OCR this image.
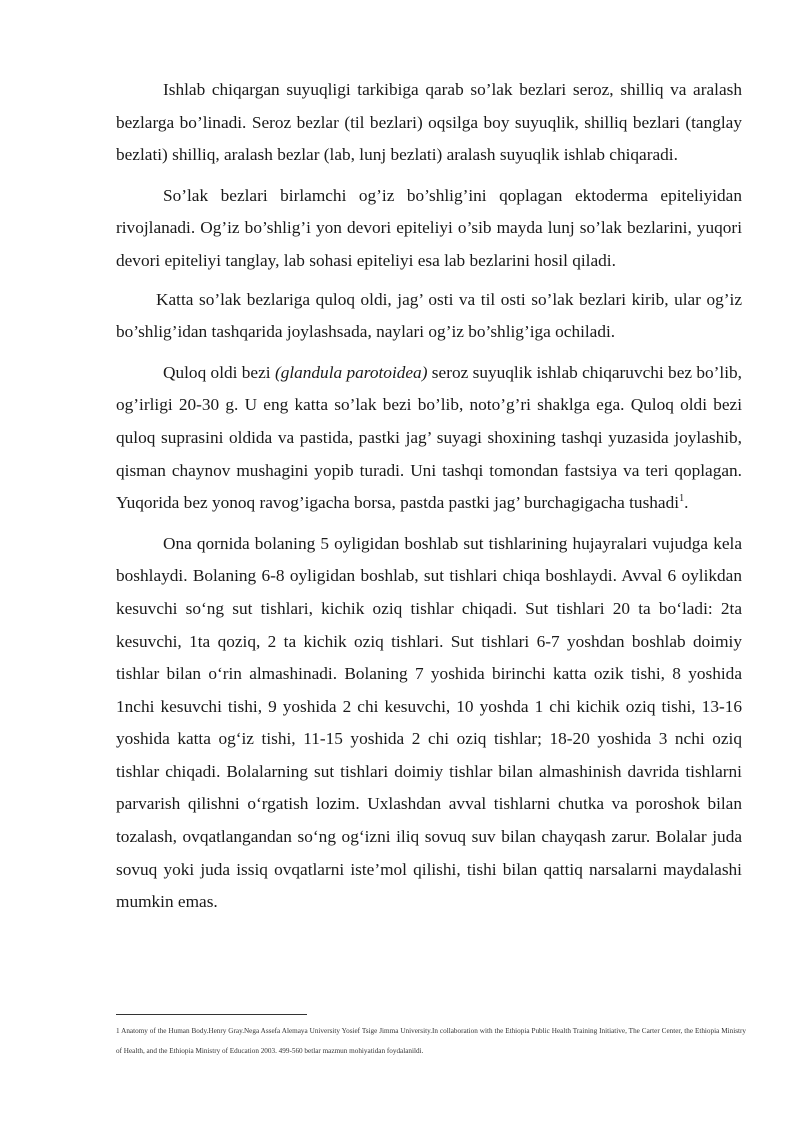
Ishlab chiqargan suyuqligi tarkibiga qarab so’lak bezlari seroz, shilliq va aralash bezlarga bo’linadi. Seroz bezlar (til bezlari) oqsilga boy suyuqlik, shilliq bezlari (tanglay bezlati) shilliq, aralash bezlar (lab, lunj bezlati) aralash suyuqlik ishlab chiqaradi.

So’lak bezlari birlamchi og’iz bo’shlig’ini qoplagan ektoderma epiteliyidan rivojlanadi. Og’iz bo’shlig’i yon devori epiteliyi o’sib mayda lunj so’lak bezlarini, yuqori devori epiteliyi tanglay, lab sohasi epiteliyi esa lab bezlarini hosil qiladi.

Katta so’lak bezlariga quloq oldi, jag’ osti va til osti so’lak bezlari kirib, ular og’iz bo’shlig’idan tashqarida joylashsada, naylari og’iz bo’shlig’iga ochiladi.

Quloq oldi bezi (glandula parotoidea) seroz suyuqlik ishlab chiqaruvchi bez bo’lib, og’irligi 20-30 g. U eng katta so’lak bezi bo’lib, noto’g’ri shaklga ega. Quloq oldi bezi quloq suprasini oldida va pastida, pastki jag’ suyagi shoxining tashqi yuzasida joylashib, qisman chaynov mushagini yopib turadi. Uni tashqi tomondan fastsiya va teri qoplagan. Yuqorida bez yonoq ravog’igacha borsa, pastda pastki jag’ burchagigacha tushadi$^1$.

Ona qornida bolaning 5 oyligidan boshlab sut tishlarining hujayralari vujudga kela boshlaydi. Bolaning 6-8 oyligidan boshlab, sut tishlari chiqa boshlaydi. Avval 6 oylikdan kesuvchi so‘ng sut tishlari, kichik oziq tishlar chiqadi. Sut tishlari 20 ta bo‘ladi: 2ta kesuvchi, 1ta qoziq, 2 ta kichik oziq tishlari. Sut tishlari 6-7 yoshdan boshlab doimiy tishlar bilan o‘rin almashinadi. Bolaning 7 yoshida birinchi katta ozik tishi, 8 yoshida 1nchi kesuvchi tishi, 9 yoshida 2 chi kesuvchi, 10 yoshda 1 chi kichik oziq tishi, 13-16 yoshida katta og‘iz tishi, 11-15 yoshida 2 chi oziq tishlar; 18-20 yoshida 3 nchi oziq tishlar chiqadi. Bolalarning sut tishlari doimiy tishlar bilan almashinish davrida tishlarni parvarish qilishni o‘rgatish lozim. Uxlashdan avval tishlarni chutka va poroshok bilan tozalash, ovqatlangandan so‘ng og‘izni iliq sovuq suv bilan chayqash zarur. Bolalar juda sovuq yoki juda issiq ovqatlarni iste’mol qilishi, tishi bilan qattiq narsalarni maydalashi mumkin emas.

1 Anatomy of the Human Body.Henry Gray.Nega Assefa Alemaya University Yosief Tsige Jimma University.In collaboration with the Ethiopia Public Health Training Initiative, The Carter Center, the Ethiopia Ministry of Health, and the Ethiopia Ministry of Education 2003. 499-560 betlar mazmun mohiyatidan foydalanildi.
